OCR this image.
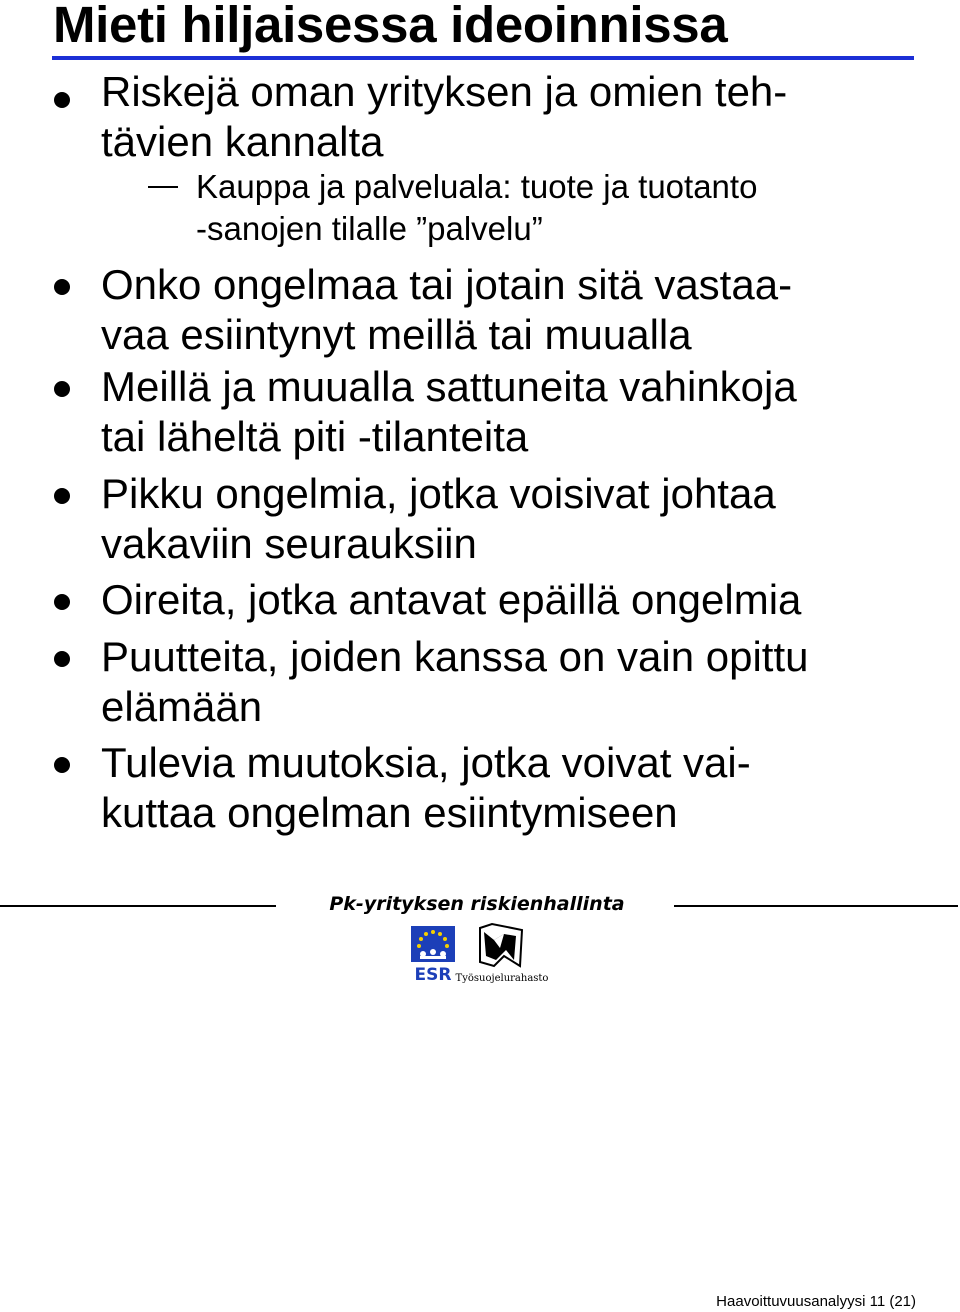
Mieti hiljaisessa ideoinnissa
Riskejä oman yrityksen ja omien teh-
tävien kannalta
Kauppa ja palveluala: tuote ja tuotanto
-sanojen tilalle ”palvelu”
Onko ongelmaa tai jotain sitä vastaa-
vaa esiintynyt meillä tai muualla
Meillä ja muualla sattuneita vahinkoja
tai läheltä piti -tilanteita
Pikku ongelmia, jotka voisivat johtaa
vakaviin seurauksiin
Oireita, jotka antavat epäillä ongelmia
Puutteita, joiden kanssa on vain opittu
elämään
Tulevia muutoksia, jotka voivat vai-
kuttaa ongelman esiintymiseen
Pk-yrityksen riskienhallinta
ESR Työsuojelurahasto
Haavoittuvuusanalyysi 11 (21)
